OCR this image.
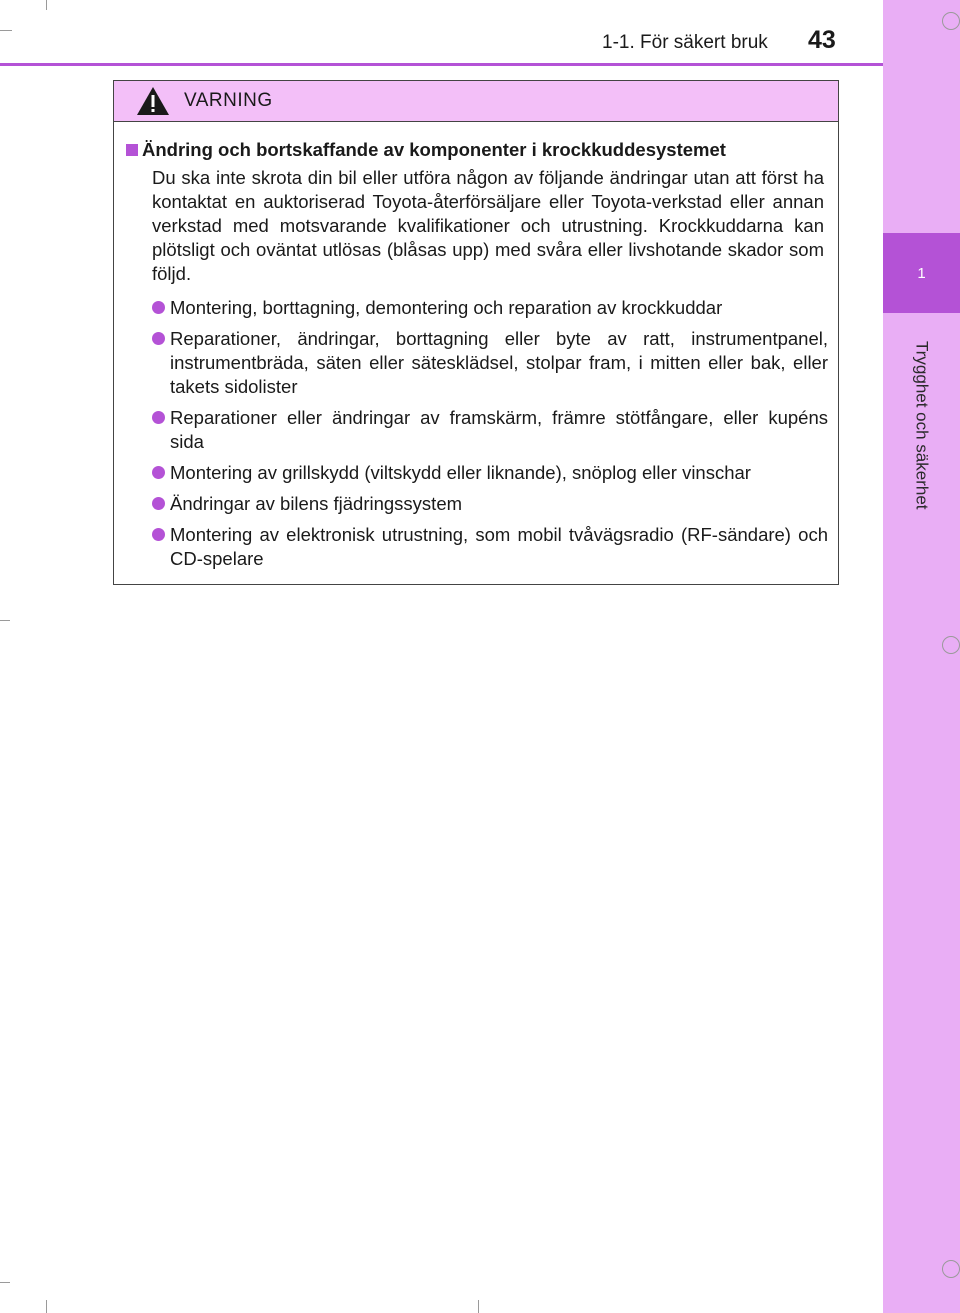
1
Trygghet och säkerhet
1-1. För säkert bruk 43
VARNING
Ändring och bortskaffande av komponenter i krockkuddesystemet
Du ska inte skrota din bil eller utföra någon av följande ändringar utan att först ha kontaktat en auktoriserad Toyota-återförsäljare eller Toyota-verkstad eller annan verkstad med motsvarande kvalifikationer och utrustning. Krockkuddarna kan plötsligt och oväntat utlösas (blåsas upp) med svåra eller livshotande skador som följd.
Montering, borttagning, demontering och reparation av krockkuddar
Reparationer, ändringar, borttagning eller byte av ratt, instrumentpanel, instrumentbräda, säten eller sätesklädsel, stolpar fram, i mitten eller bak, eller takets sidolister
Reparationer eller ändringar av framskärm, främre stötfångare, eller kupéns sida
Montering av grillskydd (viltskydd eller liknande), snöplog eller vinschar
Ändringar av bilens fjädringssystem
Montering av elektronisk utrustning, som mobil tvåvägsradio (RF-sändare) och CD-spelare
